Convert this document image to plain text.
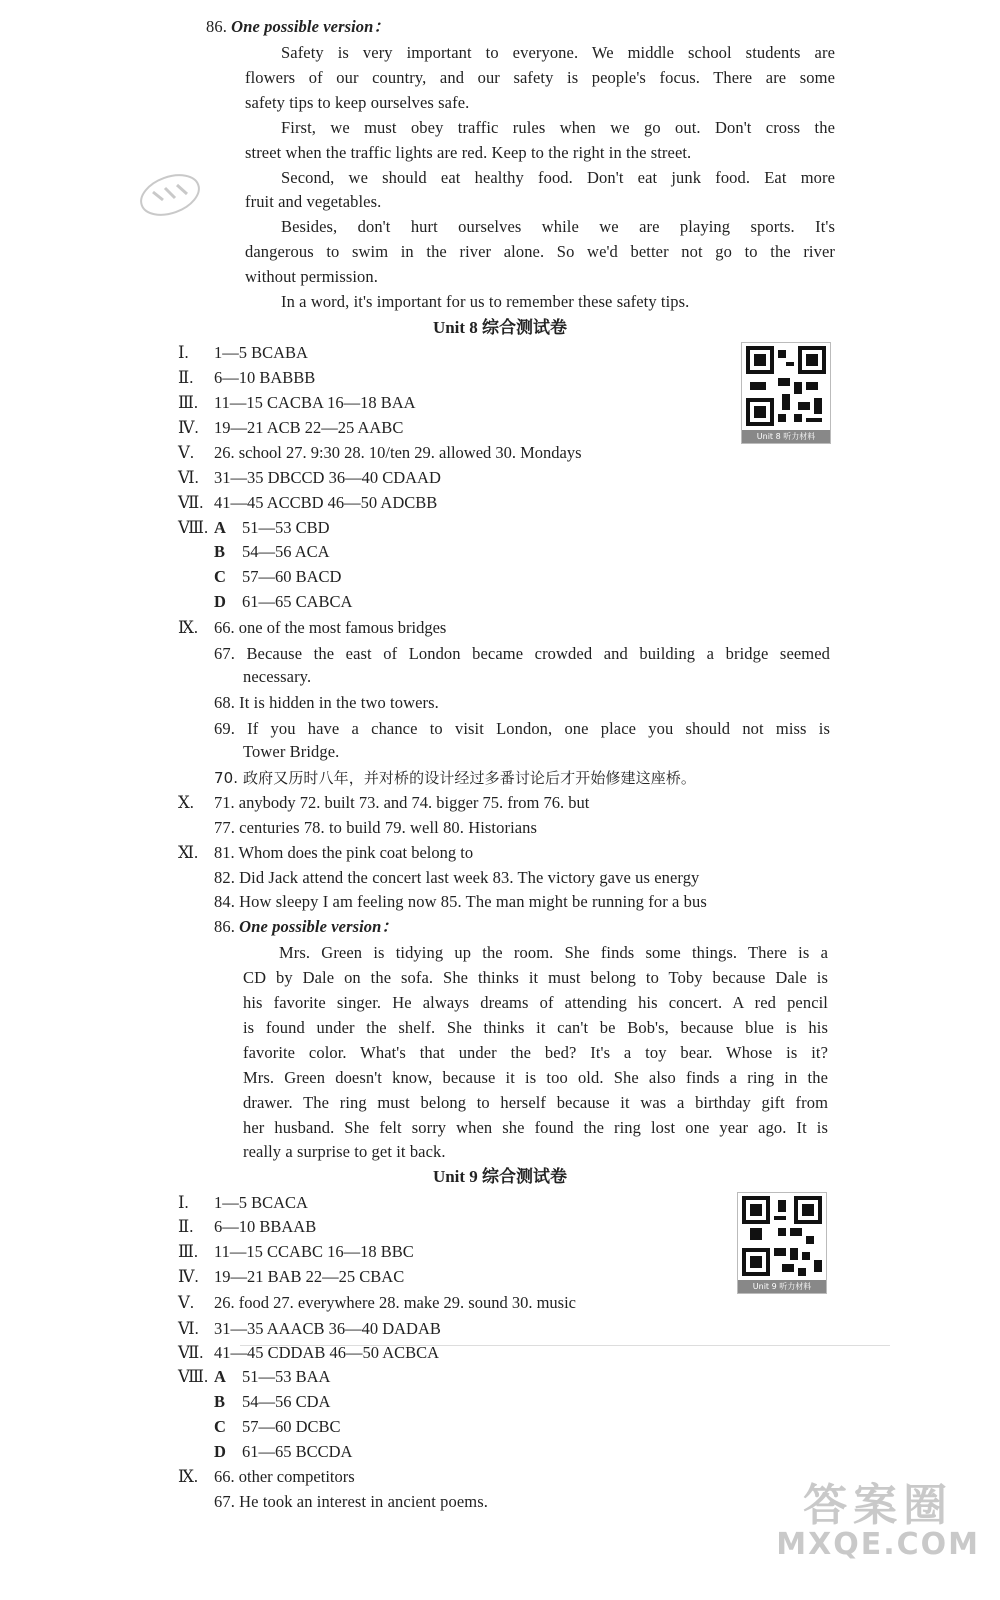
86. One possible version：
Safety is very important to everyone. We middle school students are
flowers of our country, and our safety is people's focus. There are some
safety tips to keep ourselves safe.
First, we must obey traffic rules when we go out. Don't cross the
street when the traffic lights are red. Keep to the right in the street.
Second, we should eat healthy food. Don't eat junk food. Eat more
fruit and vegetables.
Besides, don't hurt ourselves while we are playing sports. It's
dangerous to swim in the river alone. So we'd better not go to the river
without permission.
In a word, it's important for us to remember these safety tips.
Unit 8 综合测试卷
Unit 8 听力材料
Ⅰ. 1—5 BCABA
Ⅱ. 6—10 BABBB
Ⅲ. 11—15 CACBA 16—18 BAA
Ⅳ. 19—21 ACB 22—25 AABC
Ⅴ. 26. school 27. 9:30 28. 10/ten 29. allowed 30. Mondays
Ⅵ. 31—35 DBCCD 36—40 CDAAD
Ⅶ. 41—45 ACCBD 46—50 ADCBB
Ⅷ. A 51—53 CBD
B 54—56 ACA
C 57—60 BACD
D 61—65 CABCA
Ⅸ. 66. one of the most famous bridges
67. Because the east of London became crowded and building a bridge seemed
necessary.
68. It is hidden in the two towers.
69. If you have a chance to visit London, one place you should not miss is
Tower Bridge.
70. 政府又历时八年，并对桥的设计经过多番讨论后才开始修建这座桥。
Ⅹ. 71. anybody 72. built 73. and 74. bigger 75. from 76. but
77. centuries 78. to build 79. well 80. Historians
Ⅺ. 81. Whom does the pink coat belong to
82. Did Jack attend the concert last week 83. The victory gave us energy
84. How sleepy I am feeling now 85. The man might be running for a bus
86. One possible version：
Mrs. Green is tidying up the room. She finds some things. There is a
CD by Dale on the sofa. She thinks it must belong to Toby because Dale is
his favorite singer. He always dreams of attending his concert. A red pencil
is found under the shelf. She thinks it can't be Bob's, because blue is his
favorite color. What's that under the bed? It's a toy bear. Whose is it?
Mrs. Green doesn't know, because it is too old. She also finds a ring in the
drawer. The ring must belong to herself because it was a birthday gift from
her husband. She felt sorry when she found the ring lost one year ago. It is
really a surprise to get it back.
Unit 9 综合测试卷
Unit 9 听力材料
Ⅰ. 1—5 BCACA
Ⅱ. 6—10 BBAAB
Ⅲ. 11—15 CCABC 16—18 BBC
Ⅳ. 19—21 BAB 22—25 CBAC
Ⅴ. 26. food 27. everywhere 28. make 29. sound 30. music
Ⅵ. 31—35 AAACB 36—40 DADAB
Ⅶ. 41—45 CDDAB 46—50 ACBCA
Ⅷ. A 51—53 BAA
B 54—56 CDA
C 57—60 DCBC
D 61—65 BCCDA
Ⅸ. 66. other competitors
67. He took an interest in ancient poems.	答案圈
MXQE.COM
